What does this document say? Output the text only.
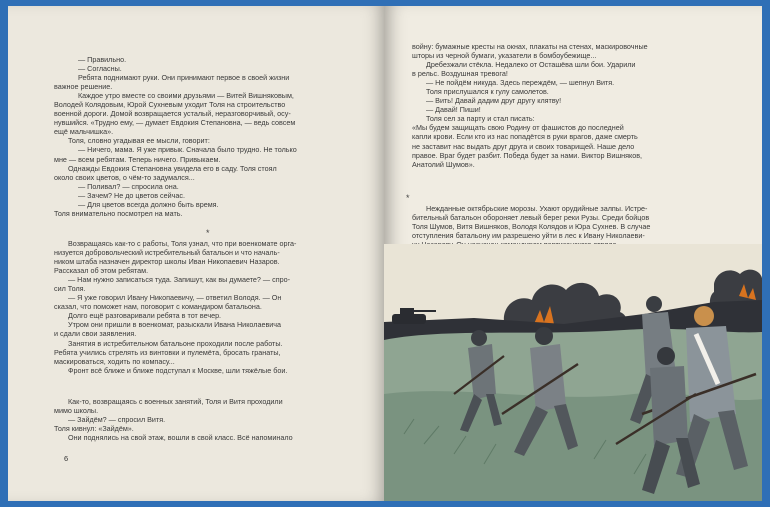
— Правильно.
— Согласны.
Ребята поднимают руки. Они принимают первое в своей жизни
важное решение.
Каждое утро вместе со своими друзьями — Витей Вишняковым,
Володей Колядовым, Юрой Сухневым уходит Толя на строительство
военной дороги. Домой возвращается усталый, неразговорчивый, осу-
нувшийся. «Трудно ему, — думает Евдокия Степановна, — ведь совсем
ещё мальчишка».
Толя, словно угадывая ее мысли, говорит:
— Ничего, мама. Я уже привык. Сначала было трудно. Не только
мне — всем ребятам. Теперь ничего. Привыкаем.
Однажды Евдокия Степановна увидела его в саду. Толя стоял
около своих цветов, о чём-то задумался...
— Поливал? — спросила она.
— Зачем? Не до цветов сейчас.
— Для цветов всегда должно быть время.
Толя внимательно посмотрел на мать.
*
Возвращаясь как-то с работы, Толя узнал, что при военкомате орга-
низуется добровольческий истребительный батальон и что началь-
ником штаба назначен директор школы Иван Никопаевич Назаров.
Рассказал об этом ребятам.
— Нам нужно записаться туда. Запишут, как вы думаете? — спро-
сил Толя.
— Я уже говорил Ивану Никопаевичу, — ответил Володя. — Он
сказал, что поможет нам, поговорит с командиром батальона.
Долго ещё разговаривали ребята в тот вечер.
Утром они пришли в военкомат, разыскали Ивана Николаевича
и сдали свои заявления.
Занятия в истребительном батальоне проходили после работы.
Ребята учились стрелять из винтовки и пулемёта, бросать гранаты,
маскироваться, ходить по компасу...
Фронт всё ближе и ближе подступал к Москве, шли тяжёлые бои.
Как-то, возвращаясь с военных занятий, Толя и Витя проходили
мимо школы.
— Зайдём? — спросил Витя.
Толя кивнул: «Зайдём».
Они поднялись на свой этаж, вошли в свой класс. Всё напоминало
6
войну: бумажные кресты на окнах, плакаты на стенах, маскировочные
шторы из черной бумаги, указатели в бомбоубежище...
Дребезжали стёкла. Недалеко от Осташёва шли бои. Ударили
в рельс. Воздушная тревога!
— Не пойдём никуда. Здесь переждём, — шепнул Витя.
Толя прислушался к гулу самолетов.
— Вить! Давай дадим друг другу клятву!
— Давай! Пиши!
Толя сел за парту и стал писать:
«Мы будем защищать свою Родину от фашистов до последней
капли крови. Если кто из нас попадётся в руки врагов, даже смерть
не заставит нас выдать друг друга и своих товарищей. Наше дело
правое. Враг будет разбит. Победа будет за нами. Виктор Вишняков,
Анатолий Шумов».
*
Нежданные октябрьские морозы. Ухают орудийные залпы. Истре-
бительный батальон обороняет левый берег реки Рузы. Среди бойцов
Толя Шумов, Витя Вишняков, Володя Колядов и Юра Сухнев. В случае
отступления батальону им разрешено уйти в лес к Ивану Николаеви-
